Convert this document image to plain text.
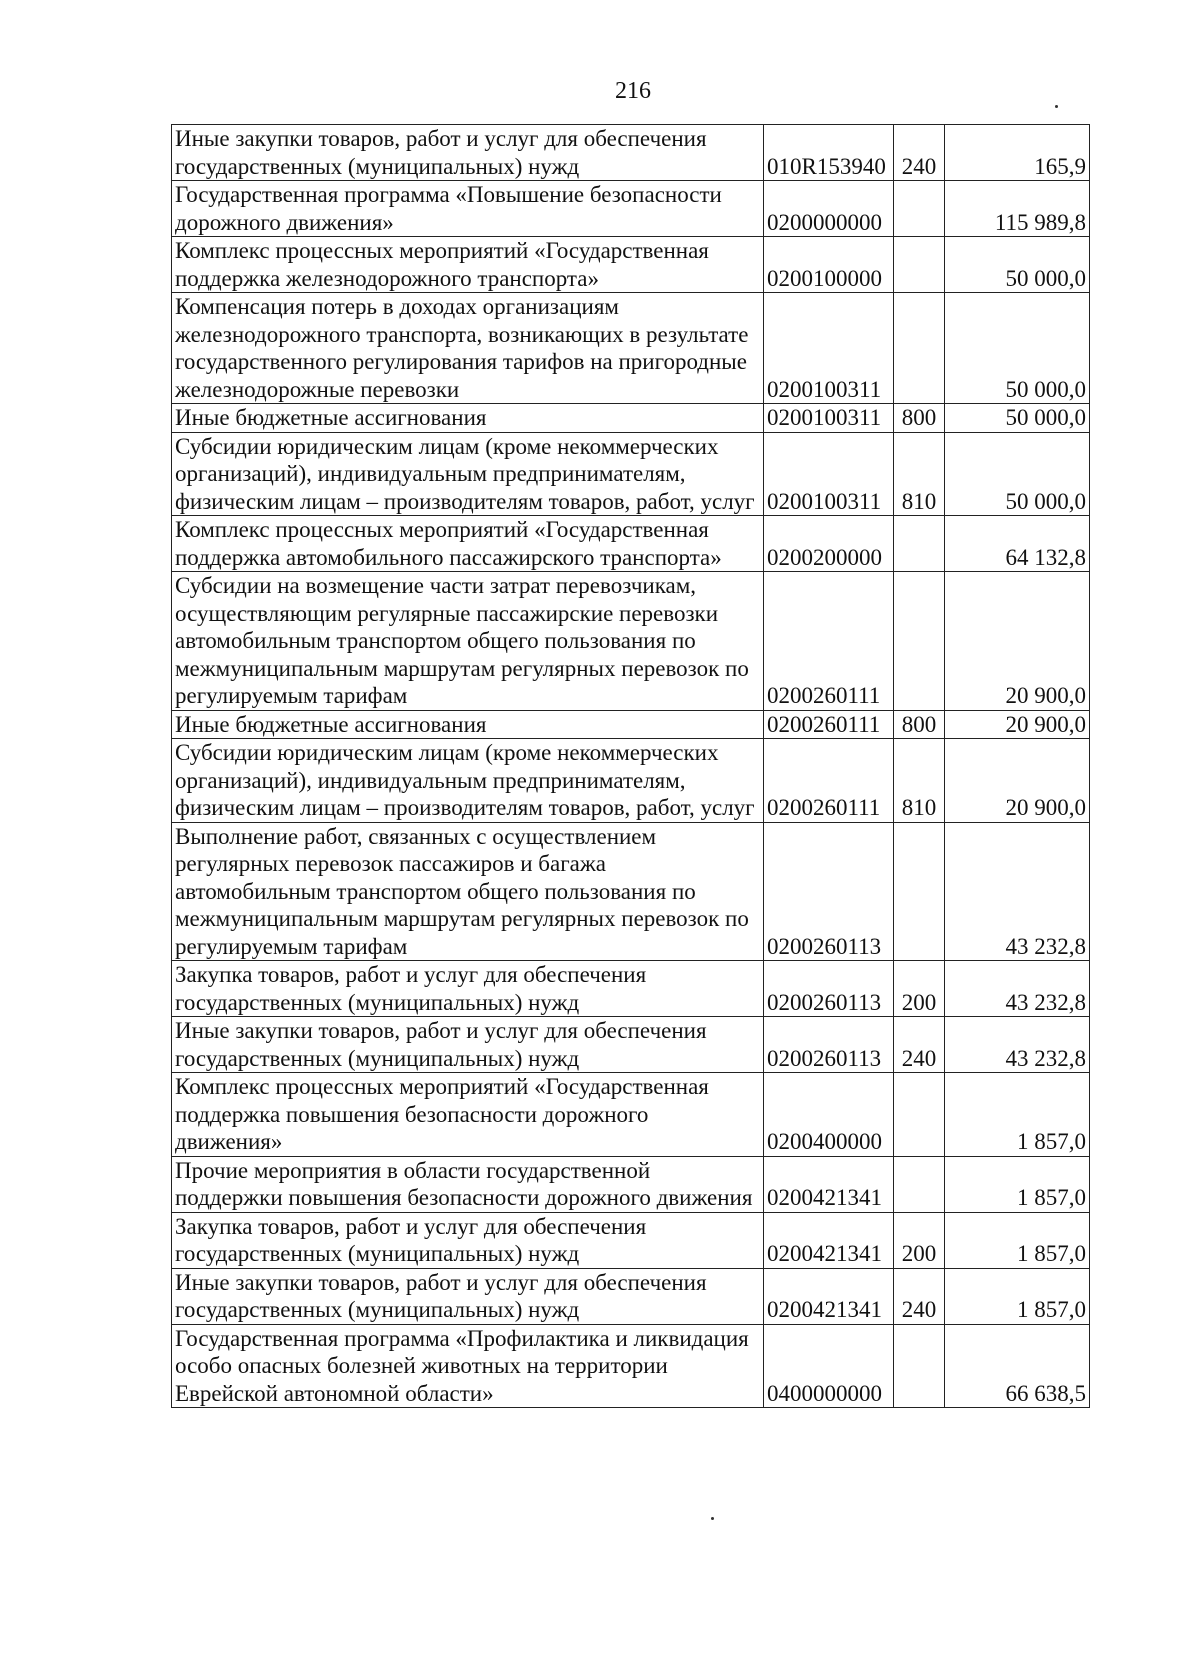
216
Иные закупки товаров, работ и услуг для обеспечения государственных (муниципальных) нужд	010R153940	240	165,9
Государственная программа «Повышение безопасности дорожного движения»	0200000000		115 989,8
Комплекс процессных мероприятий «Государственная поддержка железнодорожного транспорта»	0200100000		50 000,0
Компенсация потерь в доходах организациям железнодорожного транспорта, возникающих в результате государственного регулирования тарифов на пригородные железнодорожные перевозки	0200100311		50 000,0
Иные бюджетные ассигнования	0200100311	800	50 000,0
Субсидии юридическим лицам (кроме некоммерческих организаций), индивидуальным предпринимателям, физическим лицам – производителям товаров, работ, услуг	0200100311	810	50 000,0
Комплекс процессных мероприятий «Государственная поддержка автомобильного пассажирского транспорта»	0200200000		64 132,8
Субсидии на возмещение части затрат перевозчикам, осуществляющим регулярные пассажирские перевозки автомобильным транспортом общего пользования по межмуниципальным маршрутам регулярных перевозок по регулируемым тарифам	0200260111		20 900,0
Иные бюджетные ассигнования	0200260111	800	20 900,0
Субсидии юридическим лицам (кроме некоммерческих организаций), индивидуальным предпринимателям, физическим лицам – производителям товаров, работ, услуг	0200260111	810	20 900,0
Выполнение работ, связанных с осуществлением регулярных перевозок пассажиров и багажа автомобильным транспортом общего пользования по межмуниципальным маршрутам регулярных перевозок по регулируемым тарифам	0200260113		43 232,8
Закупка товаров, работ и услуг для обеспечения государственных (муниципальных) нужд	0200260113	200	43 232,8
Иные закупки товаров, работ и услуг для обеспечения государственных (муниципальных) нужд	0200260113	240	43 232,8
Комплекс процессных мероприятий «Государственная поддержка повышения безопасности дорожного движения»	0200400000		1 857,0
Прочие мероприятия в области государственной поддержки повышения безопасности дорожного движения	0200421341		1 857,0
Закупка товаров, работ и услуг для обеспечения государственных (муниципальных) нужд	0200421341	200	1 857,0
Иные закупки товаров, работ и услуг для обеспечения государственных (муниципальных) нужд	0200421341	240	1 857,0
Государственная программа «Профилактика и ликвидация особо опасных болезней животных на территории Еврейской автономной области»	0400000000		66 638,5
